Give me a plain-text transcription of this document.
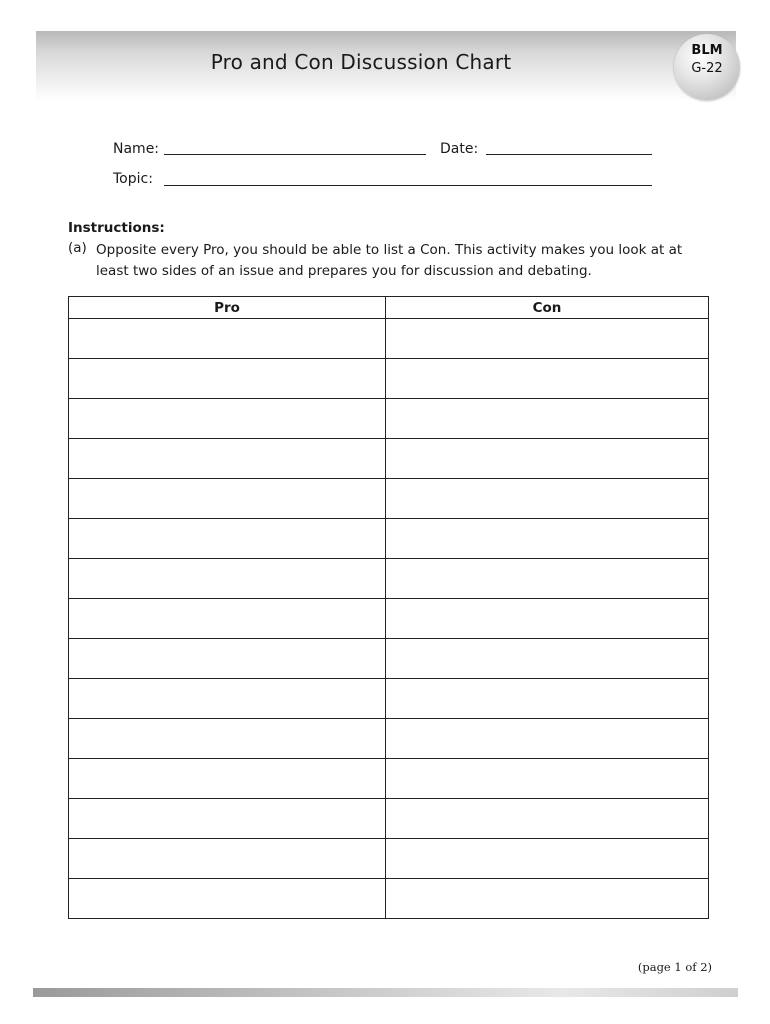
Pro and Con Discussion Chart	BLM
G-22
Name:	Date:
Topic:
Instructions:
(a) Opposite every Pro, you should be able to list a Con. This activity makes you look at at least two sides of an issue and prepares you for discussion and debating.
Pro	Con

(page 1 of 2)
